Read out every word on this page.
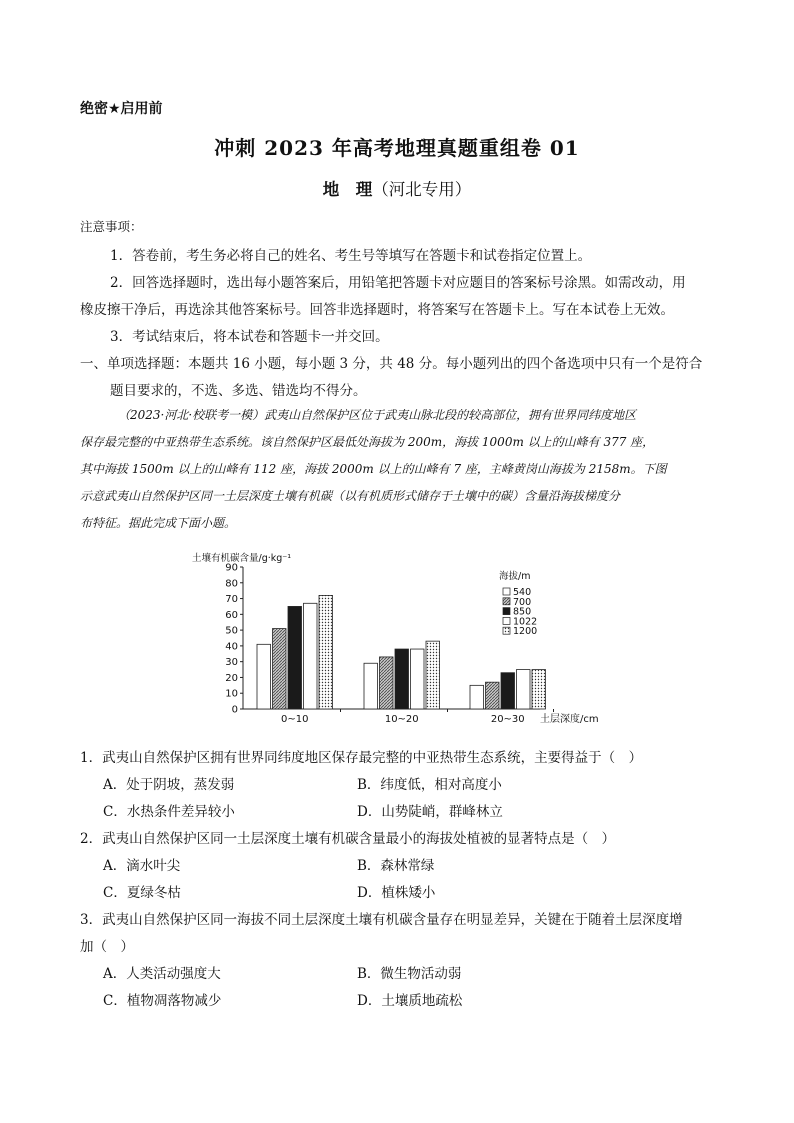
绝密★启用前
冲刺 2023 年高考地理真题重组卷 01
地　理（河北专用）
注意事项：
1．答卷前，考生务必将自己的姓名、考生号等填写在答题卡和试卷指定位置上。
2．回答选择题时，选出每小题答案后，用铅笔把答题卡对应题目的答案标号涂黑。如需改动，用
橡皮擦干净后，再选涂其他答案标号。回答非选择题时，将答案写在答题卡上。写在本试卷上无效。
3．考试结束后，将本试卷和答题卡一并交回。
一、单项选择题：本题共 16 小题，每小题 3 分，共 48 分。每小题列出的四个备选项中只有一个是符合
题目要求的，不选、多选、错选均不得分。
（2023·河北·校联考一模）武夷山自然保护区位于武夷山脉北段的较高部位，拥有世界同纬度地区
保存最完整的中亚热带生态系统。该自然保护区最低处海拔为 200m，海拔 1000m 以上的山峰有 377 座，
其中海拔 1500m 以上的山峰有 112 座，海拔 2000m 以上的山峰有 7 座，主峰黄岗山海拔为 2158m。下图
示意武夷山自然保护区同一土层深度土壤有机碳（以有机质形式储存于土壤中的碳）含量沿海拔梯度分
布特征。据此完成下面小题。
0
10
20
30
40
50
60
70
80
90
土壤有机碳含量/g·kg⁻¹
土层深度/cm
0~10	10~20	20~30
海拔/m
540
700
850
1022
1200
1．武夷山自然保护区拥有世界同纬度地区保存最完整的中亚热带生态系统，主要得益于（　）
A．处于阴坡，蒸发弱	B．纬度低，相对高度小
C．水热条件差异较小	D．山势陡峭，群峰林立
2．武夷山自然保护区同一土层深度土壤有机碳含量最小的海拔处植被的显著特点是（　）
A．滴水叶尖	B．森林常绿
C．夏绿冬枯	D．植株矮小
3．武夷山自然保护区同一海拔不同土层深度土壤有机碳含量存在明显差异，关键在于随着土层深度增
加（　）
A．人类活动强度大	B．微生物活动弱
C．植物凋落物减少	D．土壤质地疏松
